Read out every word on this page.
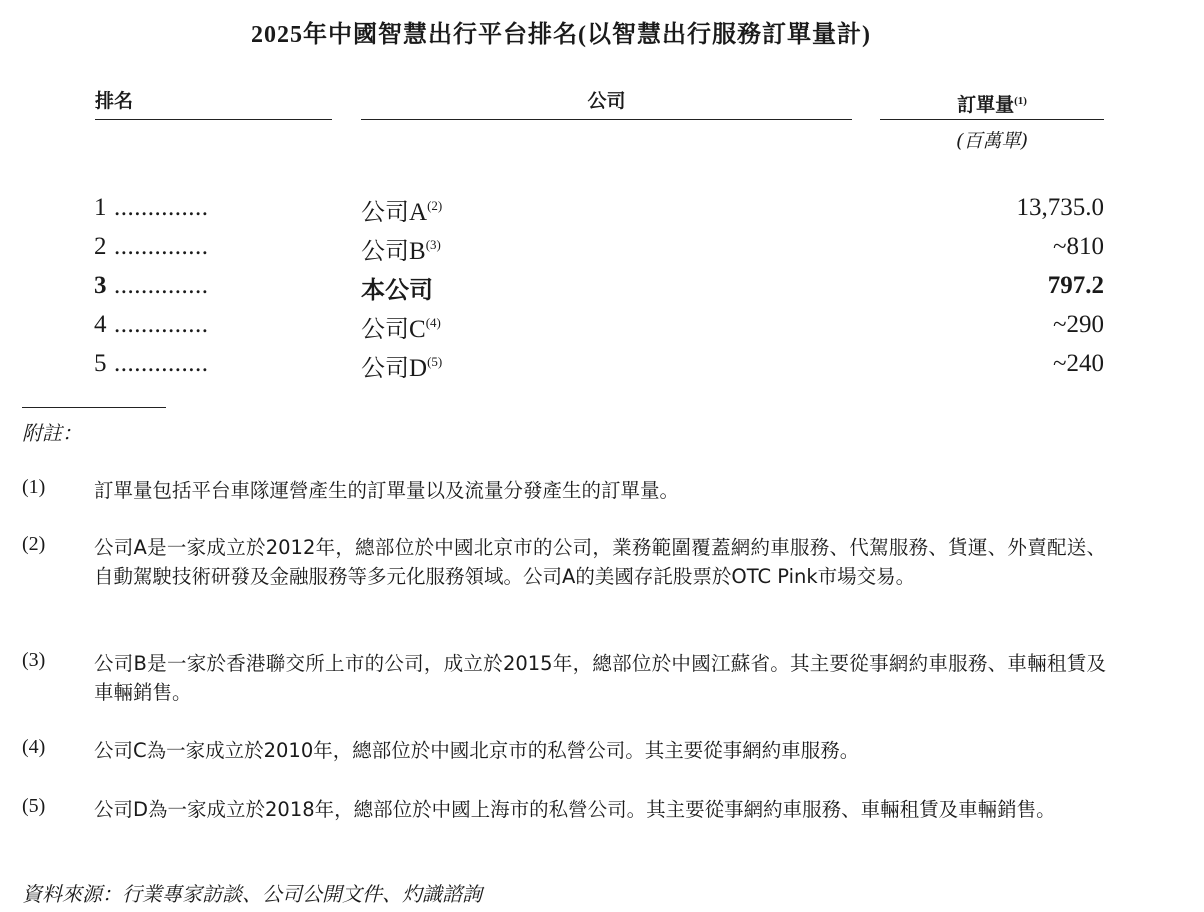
2025年中國智慧出行平台排名(以智慧出行服務訂單量計)
排名	公司	訂單量$^{(1)}$
(百萬單)
1 ..............	公司$A^{(2)}$	13,735.0
2 ..............	公司$B^{(3)}$	~810
3 ..............	本公司	797.2
4 ..............	公司$C^{(4)}$	~290
5 ..............	公司$D^{(5)}$	~240
附註：
(1) 訂單量包括平台車隊運營產生的訂單量以及流量分發產生的訂單量。
(2) 公司A是一家成立於2012年，總部位於中國北京市的公司，業務範圍覆蓋網約車服務、代駕服務、貨運、外賣配送、自動駕駛技術研發及金融服務等多元化服務領域。公司A的美國存託股票於OTC Pink市場交易。
(3) 公司B是一家於香港聯交所上市的公司，成立於2015年，總部位於中國江蘇省。其主要從事網約車服務、車輛租賃及車輛銷售。
(4) 公司C為一家成立於2010年，總部位於中國北京市的私營公司。其主要從事網約車服務。
(5) 公司D為一家成立於2018年，總部位於中國上海市的私營公司。其主要從事網約車服務、車輛租賃及車輛銷售。
資料來源：行業專家訪談、公司公開文件、灼識諮詢
